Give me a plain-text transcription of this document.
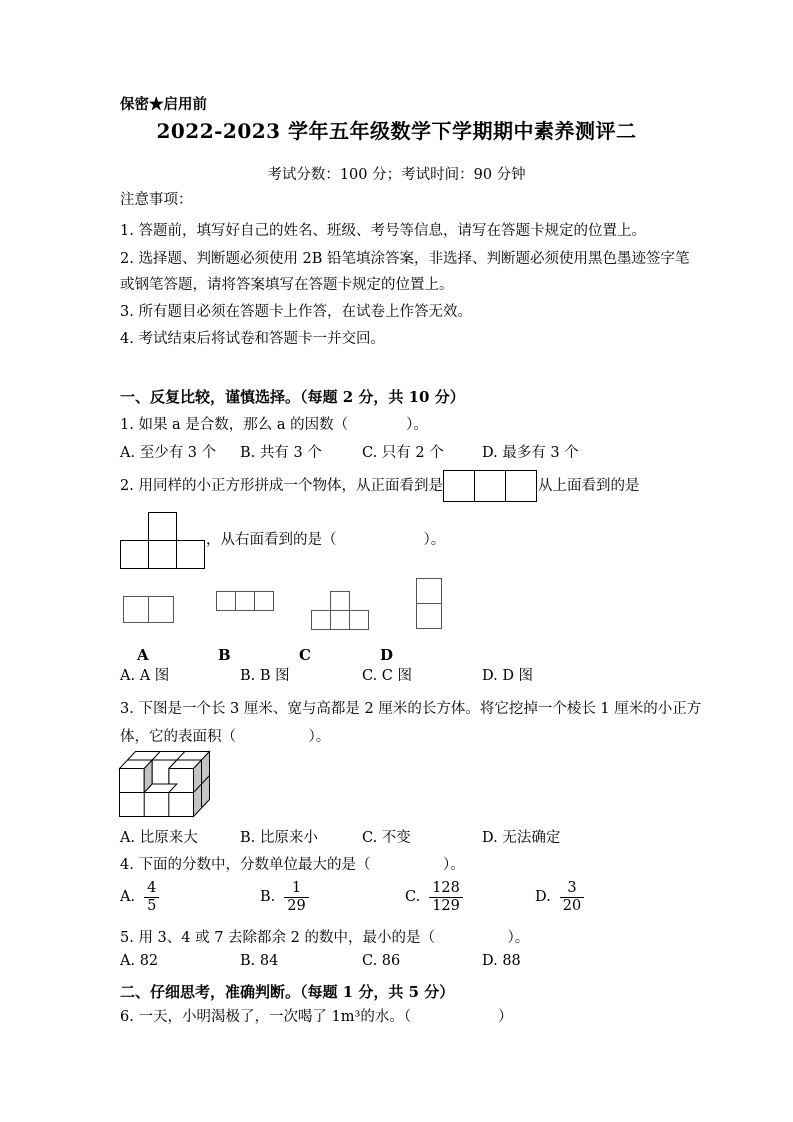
保密★启用前
2022-2023 学年五年级数学下学期期中素养测评二
考试分数：100 分；考试时间：90 分钟
注意事项：
1. 答题前，填写好自己的姓名、班级、考号等信息，请写在答题卡规定的位置上。
2. 选择题、判断题必须使用 2B 铅笔填涂答案，非选择、判断题必须使用黑色墨迹签字笔
或钢笔答题，请将答案填写在答题卡规定的位置上。
3. 所有题目必须在答题卡上作答，在试卷上作答无效。
4. 考试结束后将试卷和答题卡一并交回。
一、反复比较，谨慎选择。（每题 2 分，共 10 分）
1. 如果 a 是合数，那么 a 的因数（　　　　）。
A. 至少有 3 个	B. 共有 3 个	C. 只有 2 个	D. 最多有 3 个
2. 用同样的小正方形拼成一个物体，从正面看到是	从上面看到的是
，从右面看到的是（　　　　　　）。
A	B	C	D
A. A 图	B. B 图	C. C 图	D. D 图
3. 下图是一个长 3 厘米、宽与高都是 2 厘米的长方体。将它挖掉一个棱长 1 厘米的小正方
体，它的表面积（　　　　　）。
A. 比原来大	B. 比原来小	C. 不变	D. 无法确定
4. 下面的分数中，分数单位最大的是（　　　　　）。
A. $\frac{4}{5}$	B. $\frac{1}{29}$	C. $\frac{128}{129}$	D. $\frac{3}{20}$
5. 用 3、4 或 7 去除都余 2 的数中，最小的是（　　　　　）。
A. 82	B. 84	C. 86	D. 88
二、仔细思考，准确判断。（每题 1 分，共 5 分）
6. 一天，小明渴极了，一次喝了 1m³的水。（　　　　　　）
